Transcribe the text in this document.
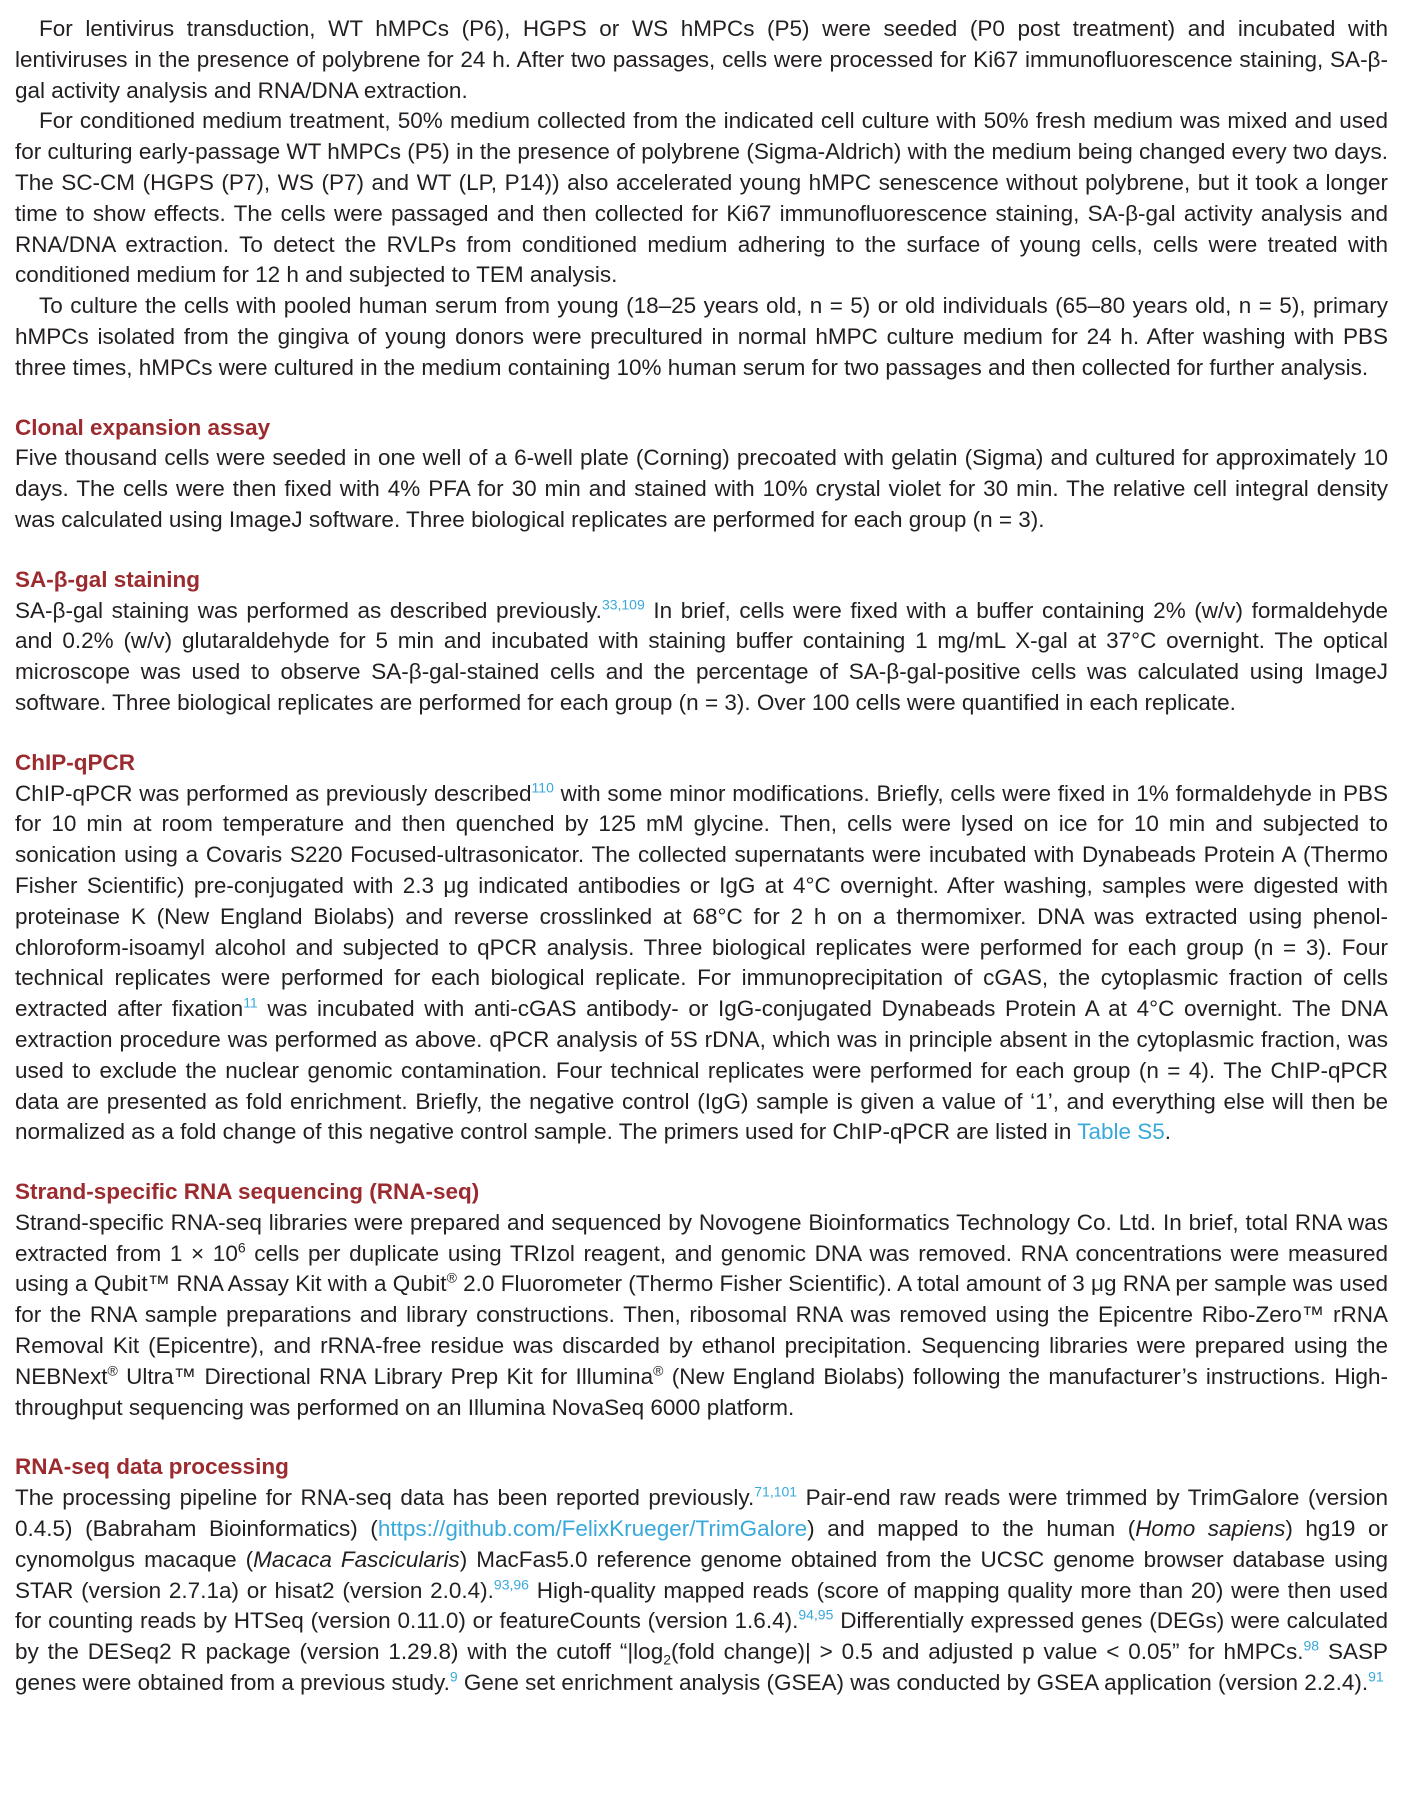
For lentivirus transduction, WT hMPCs (P6), HGPS or WS hMPCs (P5) were seeded (P0 post treatment) and incubated with lentiviruses in the presence of polybrene for 24 h. After two passages, cells were processed for Ki67 immunofluorescence staining, SA-β-gal activity analysis and RNA/DNA extraction.

For conditioned medium treatment, 50% medium collected from the indicated cell culture with 50% fresh medium was mixed and used for culturing early-passage WT hMPCs (P5) in the presence of polybrene (Sigma-Aldrich) with the medium being changed every two days. The SC-CM (HGPS (P7), WS (P7) and WT (LP, P14)) also accelerated young hMPC senescence without polybrene, but it took a longer time to show effects. The cells were passaged and then collected for Ki67 immunofluorescence staining, SA-β-gal activity analysis and RNA/DNA extraction. To detect the RVLPs from conditioned medium adhering to the surface of young cells, cells were treated with conditioned medium for 12 h and subjected to TEM analysis.

To culture the cells with pooled human serum from young (18–25 years old, n = 5) or old individuals (65–80 years old, n = 5), primary hMPCs isolated from the gingiva of young donors were precultured in normal hMPC culture medium for 24 h. After washing with PBS three times, hMPCs were cultured in the medium containing 10% human serum for two passages and then collected for further analysis.

Clonal expansion assay

Five thousand cells were seeded in one well of a 6-well plate (Corning) precoated with gelatin (Sigma) and cultured for approximately 10 days. The cells were then fixed with 4% PFA for 30 min and stained with 10% crystal violet for 30 min. The relative cell integral density was calculated using ImageJ software. Three biological replicates are performed for each group (n = 3).

SA-β-gal staining

SA-β-gal staining was performed as described previously.$^{33,109}$ In brief, cells were fixed with a buffer containing 2% (w/v) formaldehyde and 0.2% (w/v) glutaraldehyde for 5 min and incubated with staining buffer containing 1 mg/mL X-gal at 37°C overnight. The optical microscope was used to observe SA-β-gal-stained cells and the percentage of SA-β-gal-positive cells was calculated using ImageJ software. Three biological replicates are performed for each group (n = 3). Over 100 cells were quantified in each replicate.

ChIP-qPCR

ChIP-qPCR was performed as previously described$^{110}$ with some minor modifications. Briefly, cells were fixed in 1% formaldehyde in PBS for 10 min at room temperature and then quenched by 125 mM glycine. Then, cells were lysed on ice for 10 min and subjected to sonication using a Covaris S220 Focused-ultrasonicator. The collected supernatants were incubated with Dynabeads Protein A (Thermo Fisher Scientific) pre-conjugated with 2.3 μg indicated antibodies or IgG at 4°C overnight. After washing, samples were digested with proteinase K (New England Biolabs) and reverse crosslinked at 68°C for 2 h on a thermomixer. DNA was extracted using phenol-chloroform-isoamyl alcohol and subjected to qPCR analysis. Three biological replicates were performed for each group (n = 3). Four technical replicates were performed for each biological replicate. For immunoprecipitation of cGAS, the cytoplasmic fraction of cells extracted after fixation$^{11}$ was incubated with anti-cGAS antibody- or IgG-conjugated Dynabeads Protein A at 4°C overnight. The DNA extraction procedure was performed as above. qPCR analysis of 5S rDNA, which was in principle absent in the cytoplasmic fraction, was used to exclude the nuclear genomic contamination. Four technical replicates were performed for each group (n = 4). The ChIP-qPCR data are presented as fold enrichment. Briefly, the negative control (IgG) sample is given a value of ‘1’, and everything else will then be normalized as a fold change of this negative control sample. The primers used for ChIP-qPCR are listed in Table S5.

Strand-specific RNA sequencing (RNA-seq)

Strand-specific RNA-seq libraries were prepared and sequenced by Novogene Bioinformatics Technology Co. Ltd. In brief, total RNA was extracted from $1 \times 10^6$ cells per duplicate using TRIzol reagent, and genomic DNA was removed. RNA concentrations were measured using a Qubit™ RNA Assay Kit with a Qubit® 2.0 Fluorometer (Thermo Fisher Scientific). A total amount of 3 μg RNA per sample was used for the RNA sample preparations and library constructions. Then, ribosomal RNA was removed using the Epicentre Ribo-Zero™ rRNA Removal Kit (Epicentre), and rRNA-free residue was discarded by ethanol precipitation. Sequencing libraries were prepared using the NEBNext® Ultra™ Directional RNA Library Prep Kit for Illumina® (New England Biolabs) following the manufacturer’s instructions. High-throughput sequencing was performed on an Illumina NovaSeq 6000 platform.

RNA-seq data processing

The processing pipeline for RNA-seq data has been reported previously.$^{71,101}$ Pair-end raw reads were trimmed by TrimGalore (version 0.4.5) (Babraham Bioinformatics) (https://github.com/FelixKrueger/TrimGalore) and mapped to the human (Homo sapiens) hg19 or cynomolgus macaque (Macaca Fascicularis) MacFas5.0 reference genome obtained from the UCSC genome browser database using STAR (version 2.7.1a) or hisat2 (version 2.0.4).$^{93,96}$ High-quality mapped reads (score of mapping quality more than 20) were then used for counting reads by HTSeq (version 0.11.0) or featureCounts (version 1.6.4).$^{94,95}$ Differentially expressed genes (DEGs) were calculated by the DESeq2 R package (version 1.29.8) with the cutoff “$|\log_2(fold$ change)| > 0.5 and adjusted p value < 0.05” for hMPCs.$^{98}$ SASP genes were obtained from a previous study.$^9$ Gene set enrichment analysis (GSEA) was conducted by GSEA application (version 2.2.4).$^{91}$
